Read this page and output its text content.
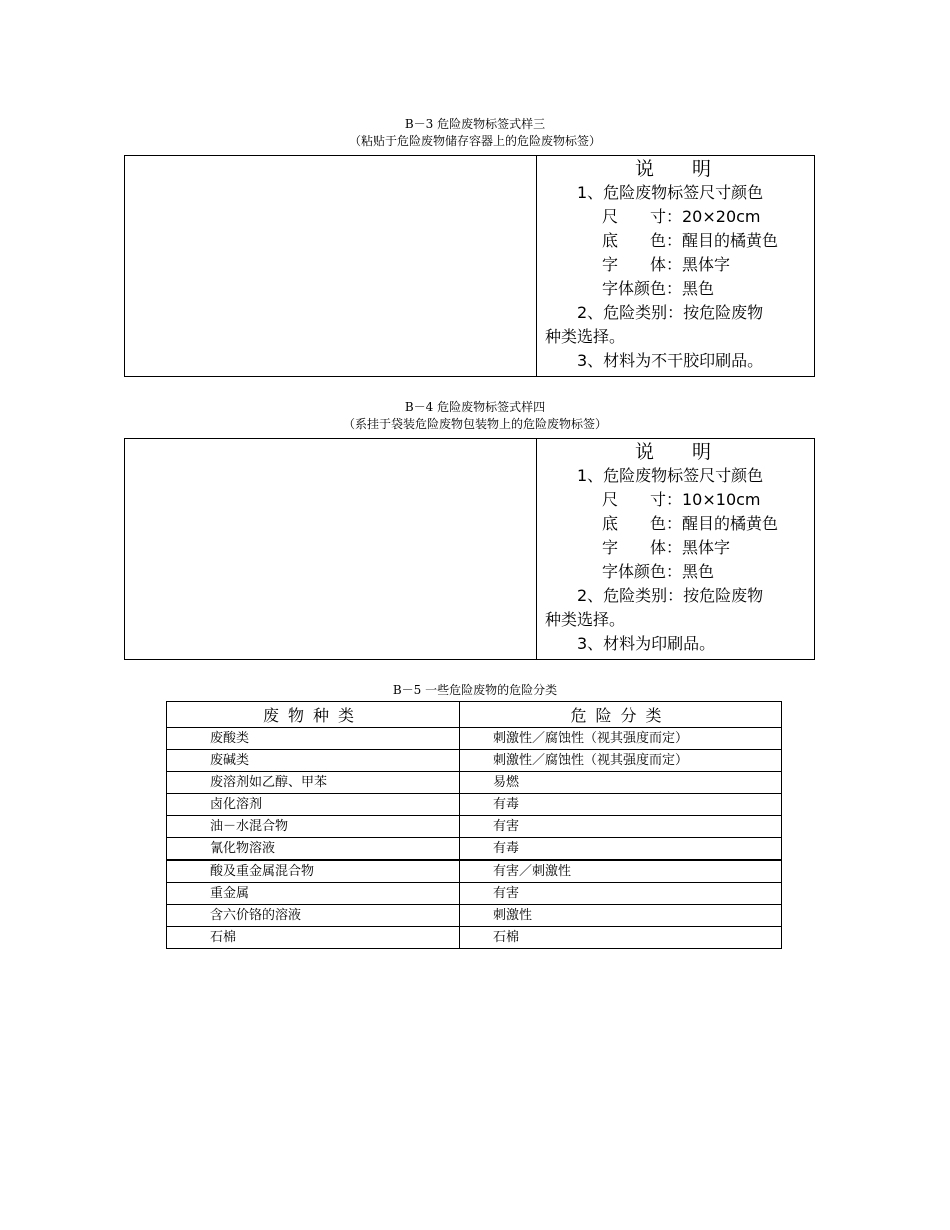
B－3 危险废物标签式样三
（粘贴于危险废物储存容器上的危险废物标签）
说　　明
1、危险废物标签尺寸颜色
尺　　寸：20×20cm
底　　色：醒目的橘黄色
字　　体：黑体字
字体颜色：黑色
2、危险类别：按危险废物
种类选择。
3、材料为不干胶印刷品。
B－4 危险废物标签式样四
（系挂于袋装危险废物包装物上的危险废物标签）
说　　明
1、危险废物标签尺寸颜色
尺　　寸：10×10cm
底　　色：醒目的橘黄色
字　　体：黑体字
字体颜色：黑色
2、危险类别：按危险废物
种类选择。
3、材料为印刷品。
B－5 一些危险废物的危险分类
废物种类	危险分类
废酸类	刺激性／腐蚀性（视其强度而定）
废碱类	刺激性／腐蚀性（视其强度而定）
废溶剂如乙醇、甲苯	易燃
卤化溶剂	有毒
油－水混合物	有害
氰化物溶液	有毒
酸及重金属混合物	有害／刺激性
重金属	有害
含六价铬的溶液	刺激性
石棉	石棉
